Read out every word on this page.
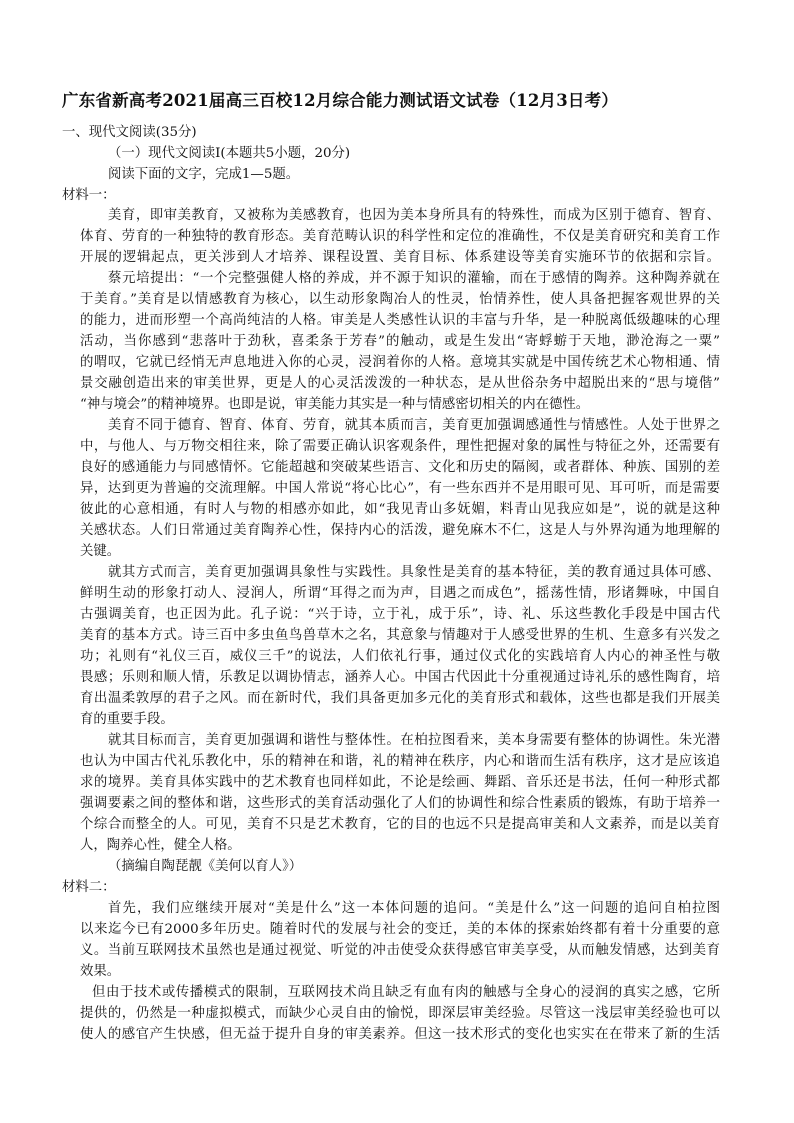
广东省新高考2021届高三百校12月综合能力测试语文试卷（12月3日考）
一、现代文阅读(35分)
（一）现代文阅读Ⅰ(本题共5小题，20分)
阅读下面的文字，完成1—5题。
材料一：
美育，即审美教育，又被称为美感教育，也因为美本身所具有的特殊性，而成为区别于德育、智育、
体育、劳育的一种独特的教育形态。美育范畴认识的科学性和定位的准确性，不仅是美育研究和美育工作
开展的逻辑起点，更关涉到人才培养、课程设置、美育目标、体系建设等美育实施环节的依据和宗旨。
蔡元培提出：“一个完整强健人格的养成，并不源于知识的灌输，而在于感情的陶养。这种陶养就在
于美育。”美育是以情感教育为核心，以生动形象陶冶人的性灵，怡情养性，使人具备把握客观世界的关
的能力，进而形塑一个高尚纯洁的人格。审美是人类感性认识的丰富与升华，是一种脱离低级趣味的心理
活动，当你感到“悲落叶于劲秋，喜柔条于芳春”的触动，或是生发出“寄蜉蝣于天地，渺沧海之一粟”
的喟叹，它就已经悄无声息地进入你的心灵，浸润着你的人格。意境其实就是中国传统艺术心物相通、情
景交融创造出来的审美世界，更是人的心灵活泼泼的一种状态，是从世俗杂务中超脱出来的“思与境偕”
“神与境会”的精神境界。也即是说，审美能力其实是一种与情感密切相关的内在德性。
美育不同于德育、智育、体育、劳育，就其本质而言，美育更加强调感通性与情感性。人处于世界之
中，与他人、与万物交相往来，除了需要正确认识客观条件，理性把握对象的属性与特征之外，还需要有
良好的感通能力与同感情怀。它能超越和突破某些语言、文化和历史的隔阂，或者群体、种族、国别的差
异，达到更为普遍的交流理解。中国人常说“将心比心”，有一些东西并不是用眼可见、耳可听，而是需要
彼此的心意相通，有时人与物的相感亦如此，如“我见青山多妩媚，料青山见我应如是”，说的就是这种
关感状态。人们日常通过美育陶养心性，保持内心的活泼，避免麻木不仁，这是人与外界沟通为地理解的
关键。
就其方式而言，美育更加强调具象性与实践性。具象性是美育的基本特征，美的教育通过具体可感、
鲜明生动的形象打动人、浸润人，所谓“耳得之而为声，目遇之而成色”，摇荡性情，形诸舞咏，中国自
古强调美育，也正因为此。孔子说：“兴于诗，立于礼，成于乐”，诗、礼、乐这些教化手段是中国古代
美育的基本方式。诗三百中多虫鱼鸟兽草木之名，其意象与情趣对于人感受世界的生机、生意多有兴发之
功；礼则有“礼仪三百，威仪三千”的说法，人们依礼行事，通过仪式化的实践培育人内心的神圣性与敬
畏感；乐则和顺人情，乐教足以调协情志，涵养人心。中国古代因此十分重视通过诗礼乐的感性陶育，培
育出温柔敦厚的君子之风。而在新时代，我们具备更加多元化的美育形式和载体，这些也都是我们开展美
育的重要手段。
就其目标而言，美育更加强调和谐性与整体性。在柏拉图看来，美本身需要有整体的协调性。朱光潜
也认为中国古代礼乐教化中，乐的精神在和谐，礼的精神在秩序，内心和谐而生活有秩序，这才是应该追
求的境界。美育具体实践中的艺术教育也同样如此，不论是绘画、舞蹈、音乐还是书法，任何一种形式都
强调要素之间的整体和谐，这些形式的美育活动强化了人们的协调性和综合性素质的锻炼，有助于培养一
个综合而整全的人。可见，美育不只是艺术教育，它的目的也远不只是提高审美和人文素养，而是以美育
人，陶养心性，健全人格。
（摘编自陶琵靓《美何以育人》）
材料二：
首先，我们应继续开展对“美是什么”这一本体问题的追问。“美是什么”这一问题的追问自柏拉图
以来迄今已有2000多年历史。随着时代的发展与社会的变迁，美的本体的探索始终都有着十分重要的意
义。当前互联网技术虽然也是通过视觉、听觉的冲击使受众获得感官审美享受，从而触发情感，达到美育
效果。
但由于技术或传播模式的限制，互联网技术尚且缺乏有血有肉的触感与全身心的浸润的真实之感，它所
提供的，仍然是一种虚拟模式，而缺少心灵自由的愉悦，即深层审美经验。尽管这一浅层审美经验也可以
使人的感官产生快感，但无益于提升自身的审美素养。但这一技术形式的变化也实实在在带来了新的生活
